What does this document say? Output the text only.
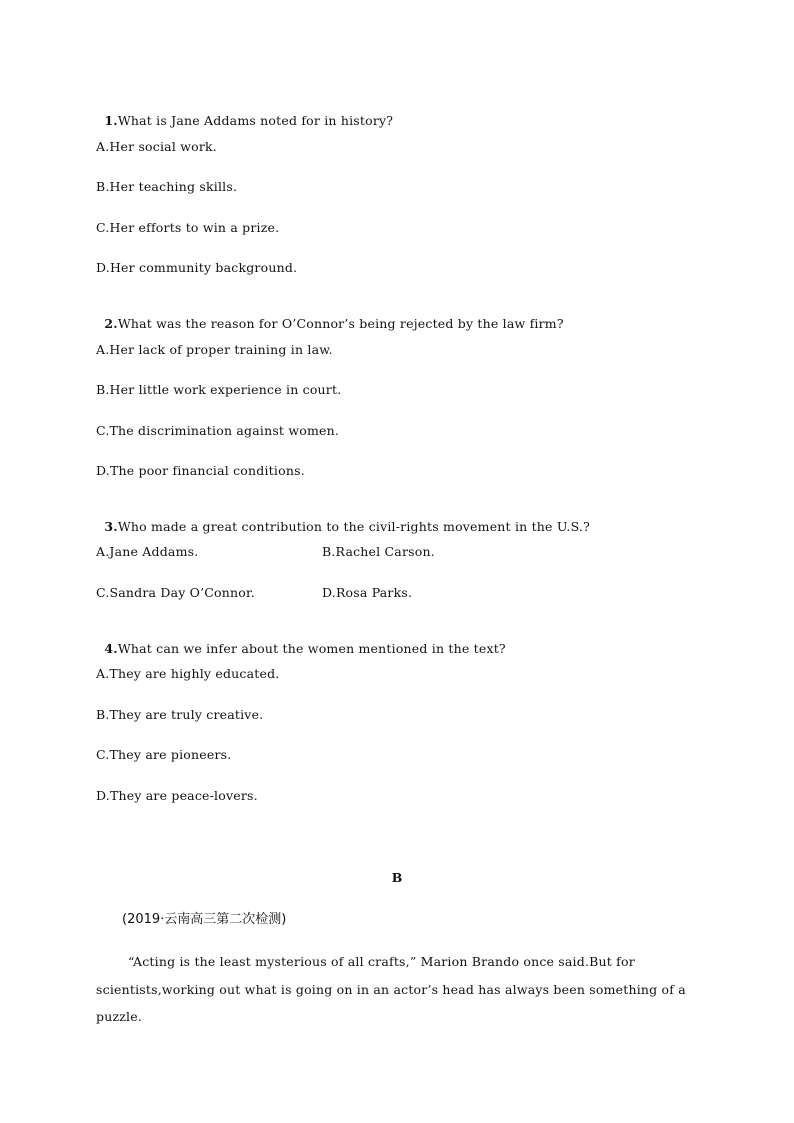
1.What is Jane Addams noted for in history?

A.Her social work.
B.Her teaching skills.
C.Her efforts to win a prize.
D.Her community background.

2.What was the reason for O’Connor’s being rejected by the law firm?

A.Her lack of proper training in law.
B.Her little work experience in court.
C.The discrimination against women.
D.The poor financial conditions.

3.Who made a great contribution to the civil-rights movement in the U.S.?

A.Jane Addams.	B.Rachel Carson.
C.Sandra Day O’Connor.	D.Rosa Parks.

4.What can we infer about the women mentioned in the text?

A.They are highly educated.
B.They are truly creative.
C.They are pioneers.
D.They are peace-lovers.
B
(2019·云南高三第二次检测)
“Acting is the least mysterious of all crafts,” Marion Brando once said.But for scientists,working out what is going on in an actor’s head has always been something of a puzzle.
